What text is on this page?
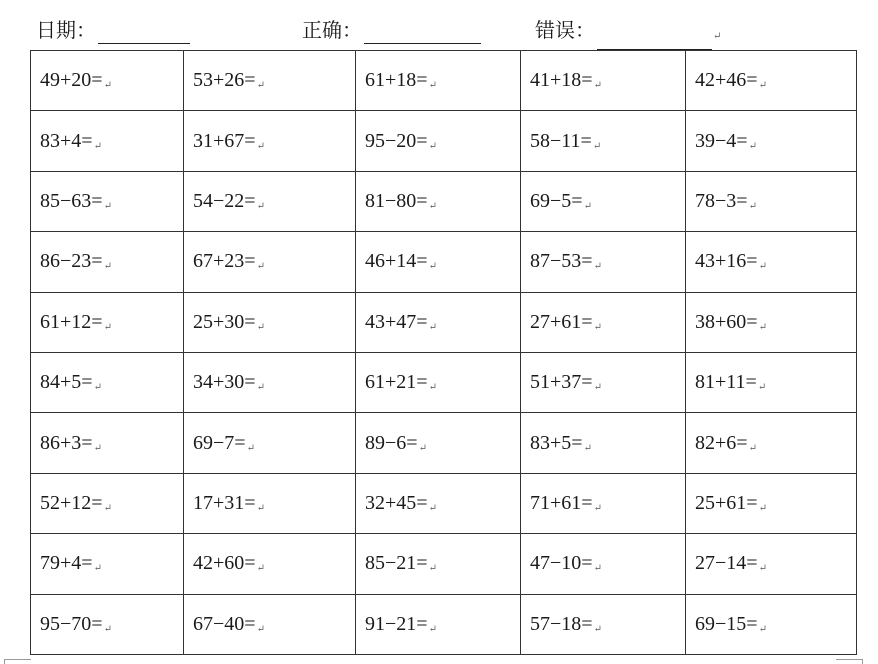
日期：	正确：	错误：	↵
49+20=↵	53+26=↵	61+18=↵	41+18=↵	42+46=↵
83+4=↵	31+67=↵	95−20=↵	58−11=↵	39−4=↵
85−63=↵	54−22=↵	81−80=↵	69−5=↵	78−3=↵
86−23=↵	67+23=↵	46+14=↵	87−53=↵	43+16=↵
61+12=↵	25+30=↵	43+47=↵	27+61=↵	38+60=↵
84+5=↵	34+30=↵	61+21=↵	51+37=↵	81+11=↵
86+3=↵	69−7=↵	89−6=↵	83+5=↵	82+6=↵
52+12=↵	17+31=↵	32+45=↵	71+61=↵	25+61=↵
79+4=↵	42+60=↵	85−21=↵	47−10=↵	27−14=↵
95−70=↵	67−40=↵	91−21=↵	57−18=↵	69−15=↵
